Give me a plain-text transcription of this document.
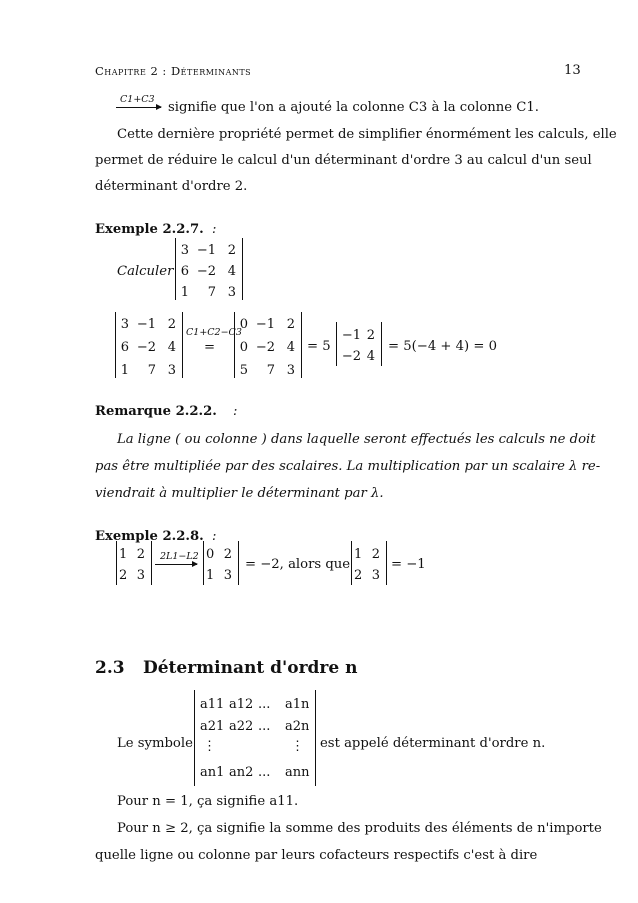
Chapitre 2 : Déterminants	13
C1+C3
signifie que l'on a ajouté la colonne C3 à la colonne C1.
Cette dernière propriété permet de simplifier énormément les calculs, elle
permet de réduire le calcul d'un déterminant d'ordre 3 au calcul d'un seul
déterminant d'ordre 2.
Exemple 2.2.7. :
Calculer
3 −1 2
6 −2 4
1	7 3
3 −1 2
6 −2 4
1	7 3
C1+C2−C3
=
0 −1 2
0 −2 4
5	7 3
= 5
−1 2
−2 4
= 5(−4 + 4) = 0
Remarque 2.2.2. :
La ligne ( ou colonne ) dans laquelle seront effectués les calculs ne doit
pas être multipliée par des scalaires. La multiplication par un scalaire λ re-
viendrait à multiplier le déterminant par λ.
Exemple 2.2.8. :
1 2
2 3
2L1−L2 0 2
1 3
= −2, alors que
1 2
2 3
= −1
2.3 Déterminant d'ordre n
Le symbole
a11 a12 ...	a1n
a21 a22 ...	a2n
⋮	⋮
an1 an2 ...	ann
est appelé déterminant d'ordre n.
Pour n = 1, ça signifie a11.
Pour n ≥ 2, ça signifie la somme des produits des éléments de n'importe
quelle ligne ou colonne par leurs cofacteurs respectifs c'est à dire
